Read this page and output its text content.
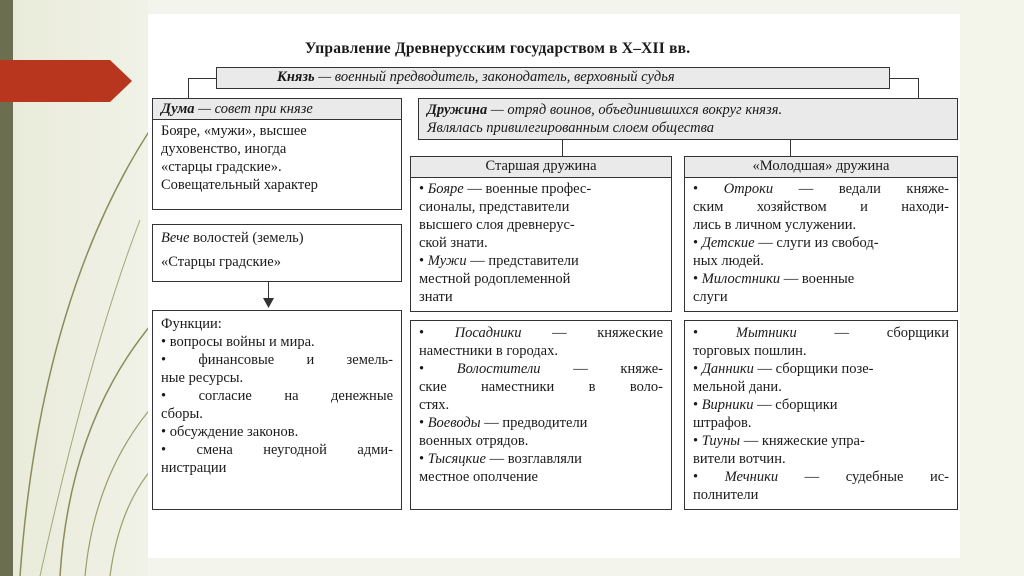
Управление Древнерусским государством в X–XII вв.
Князь — военный предводитель, законодатель, верховный судья
Дума — совет при князе
Бояре, «мужи», высшее
духовенство, иногда
«старцы градские».
Совещательный характер
Дружина — отряд воинов, объединившихся вокруг князя.
Являлась привилегированным слоем общества
Вече волостей (земель)
«Старцы градские»
Функции:
• вопросы войны и мира.
• финансовые и земель-
ные ресурсы.
• согласие на денежные
сборы.
• обсуждение законов.
• смена неугодной адми-
нистрации
Старшая дружина
• Бояре — военные профес-
сионалы, представители
высшего слоя древнерус-
ской знати.
• Мужи — представители
местной родоплеменной
знати
«Молодшая» дружина
• Отроки — ведали княже-
ским хозяйством и находи-
лись в личном услужении.
• Детские — слуги из свобод-
ных людей.
• Милостники — военные
слуги
• Посадники — княжеские
наместники в городах.
• Волостители — княже-
ские наместники в воло-
стях.
• Воеводы — предводители
военных отрядов.
• Тысяцкие — возглавляли
местное ополчение
• Мытники — сборщики
торговых пошлин.
• Данники — сборщики позе-
мельной дани.
• Вирники — сборщики
штрафов.
• Тиуны — княжеские упра-
вители вотчин.
• Мечники — судебные ис-
полнители
